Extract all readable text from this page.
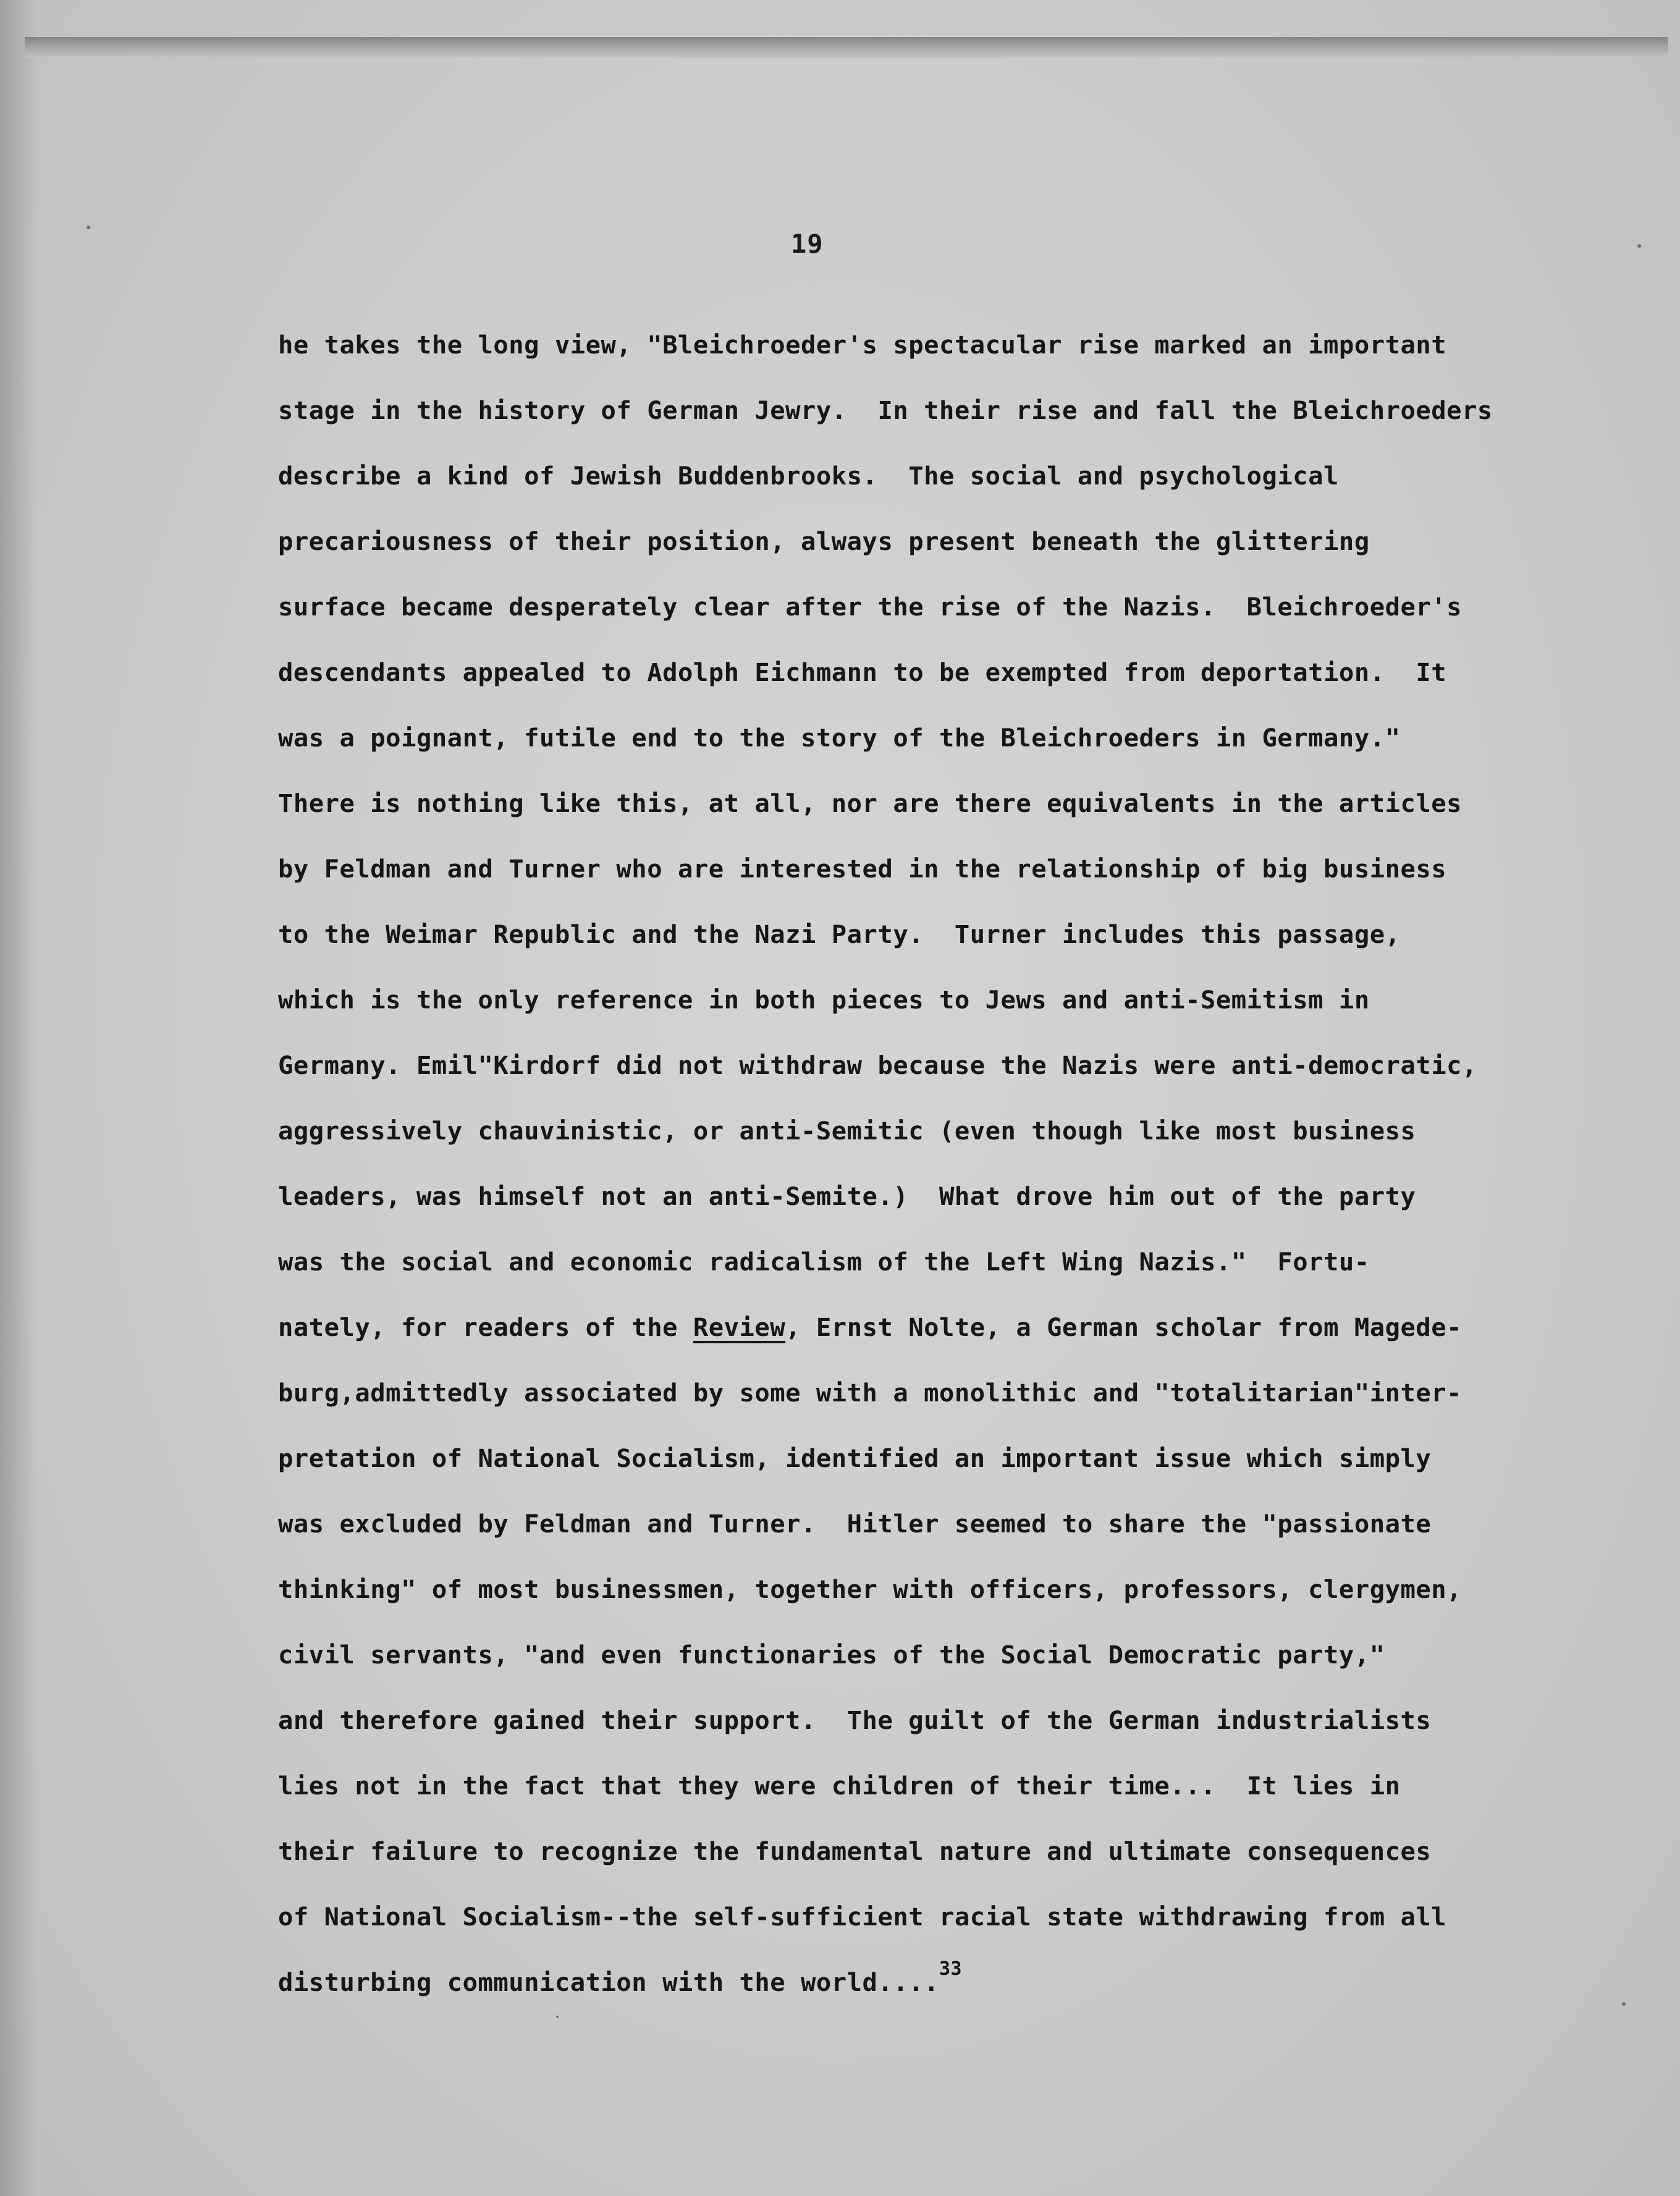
19
he takes the long view, "Bleichroeder's spectacular rise marked an important
stage in the history of German Jewry.  In their rise and fall the Bleichroeders
describe a kind of Jewish Buddenbrooks.  The social and psychological
precariousness of their position, always present beneath the glittering
surface became desperately clear after the rise of the Nazis.  Bleichroeder's
descendants appealed to Adolph Eichmann to be exempted from deportation.  It
was a poignant, futile end to the story of the Bleichroeders in Germany."
There is nothing like this, at all, nor are there equivalents in the articles
by Feldman and Turner who are interested in the relationship of big business
to the Weimar Republic and the Nazi Party.  Turner includes this passage,
which is the only reference in both pieces to Jews and anti-Semitism in
Germany. Emil"Kirdorf did not withdraw because the Nazis were anti-democratic,
aggressively chauvinistic, or anti-Semitic (even though like most business
leaders, was himself not an anti-Semite.)  What drove him out of the party
was the social and economic radicalism of the Left Wing Nazis."  Fortu-
nately, for readers of the Review, Ernst Nolte, a German scholar from Magede-
burg,admittedly associated by some with a monolithic and "totalitarian"inter-
pretation of National Socialism, identified an important issue which simply
was excluded by Feldman and Turner.  Hitler seemed to share the "passionate
thinking" of most businessmen, together with officers, professors, clergymen,
civil servants, "and even functionaries of the Social Democratic party,"
and therefore gained their support.  The guilt of the German industrialists
lies not in the fact that they were children of their time...  It lies in
their failure to recognize the fundamental nature and ultimate consequences
of National Socialism--the self-sufficient racial state withdrawing from all
disturbing communication with the world....$^{33}$
